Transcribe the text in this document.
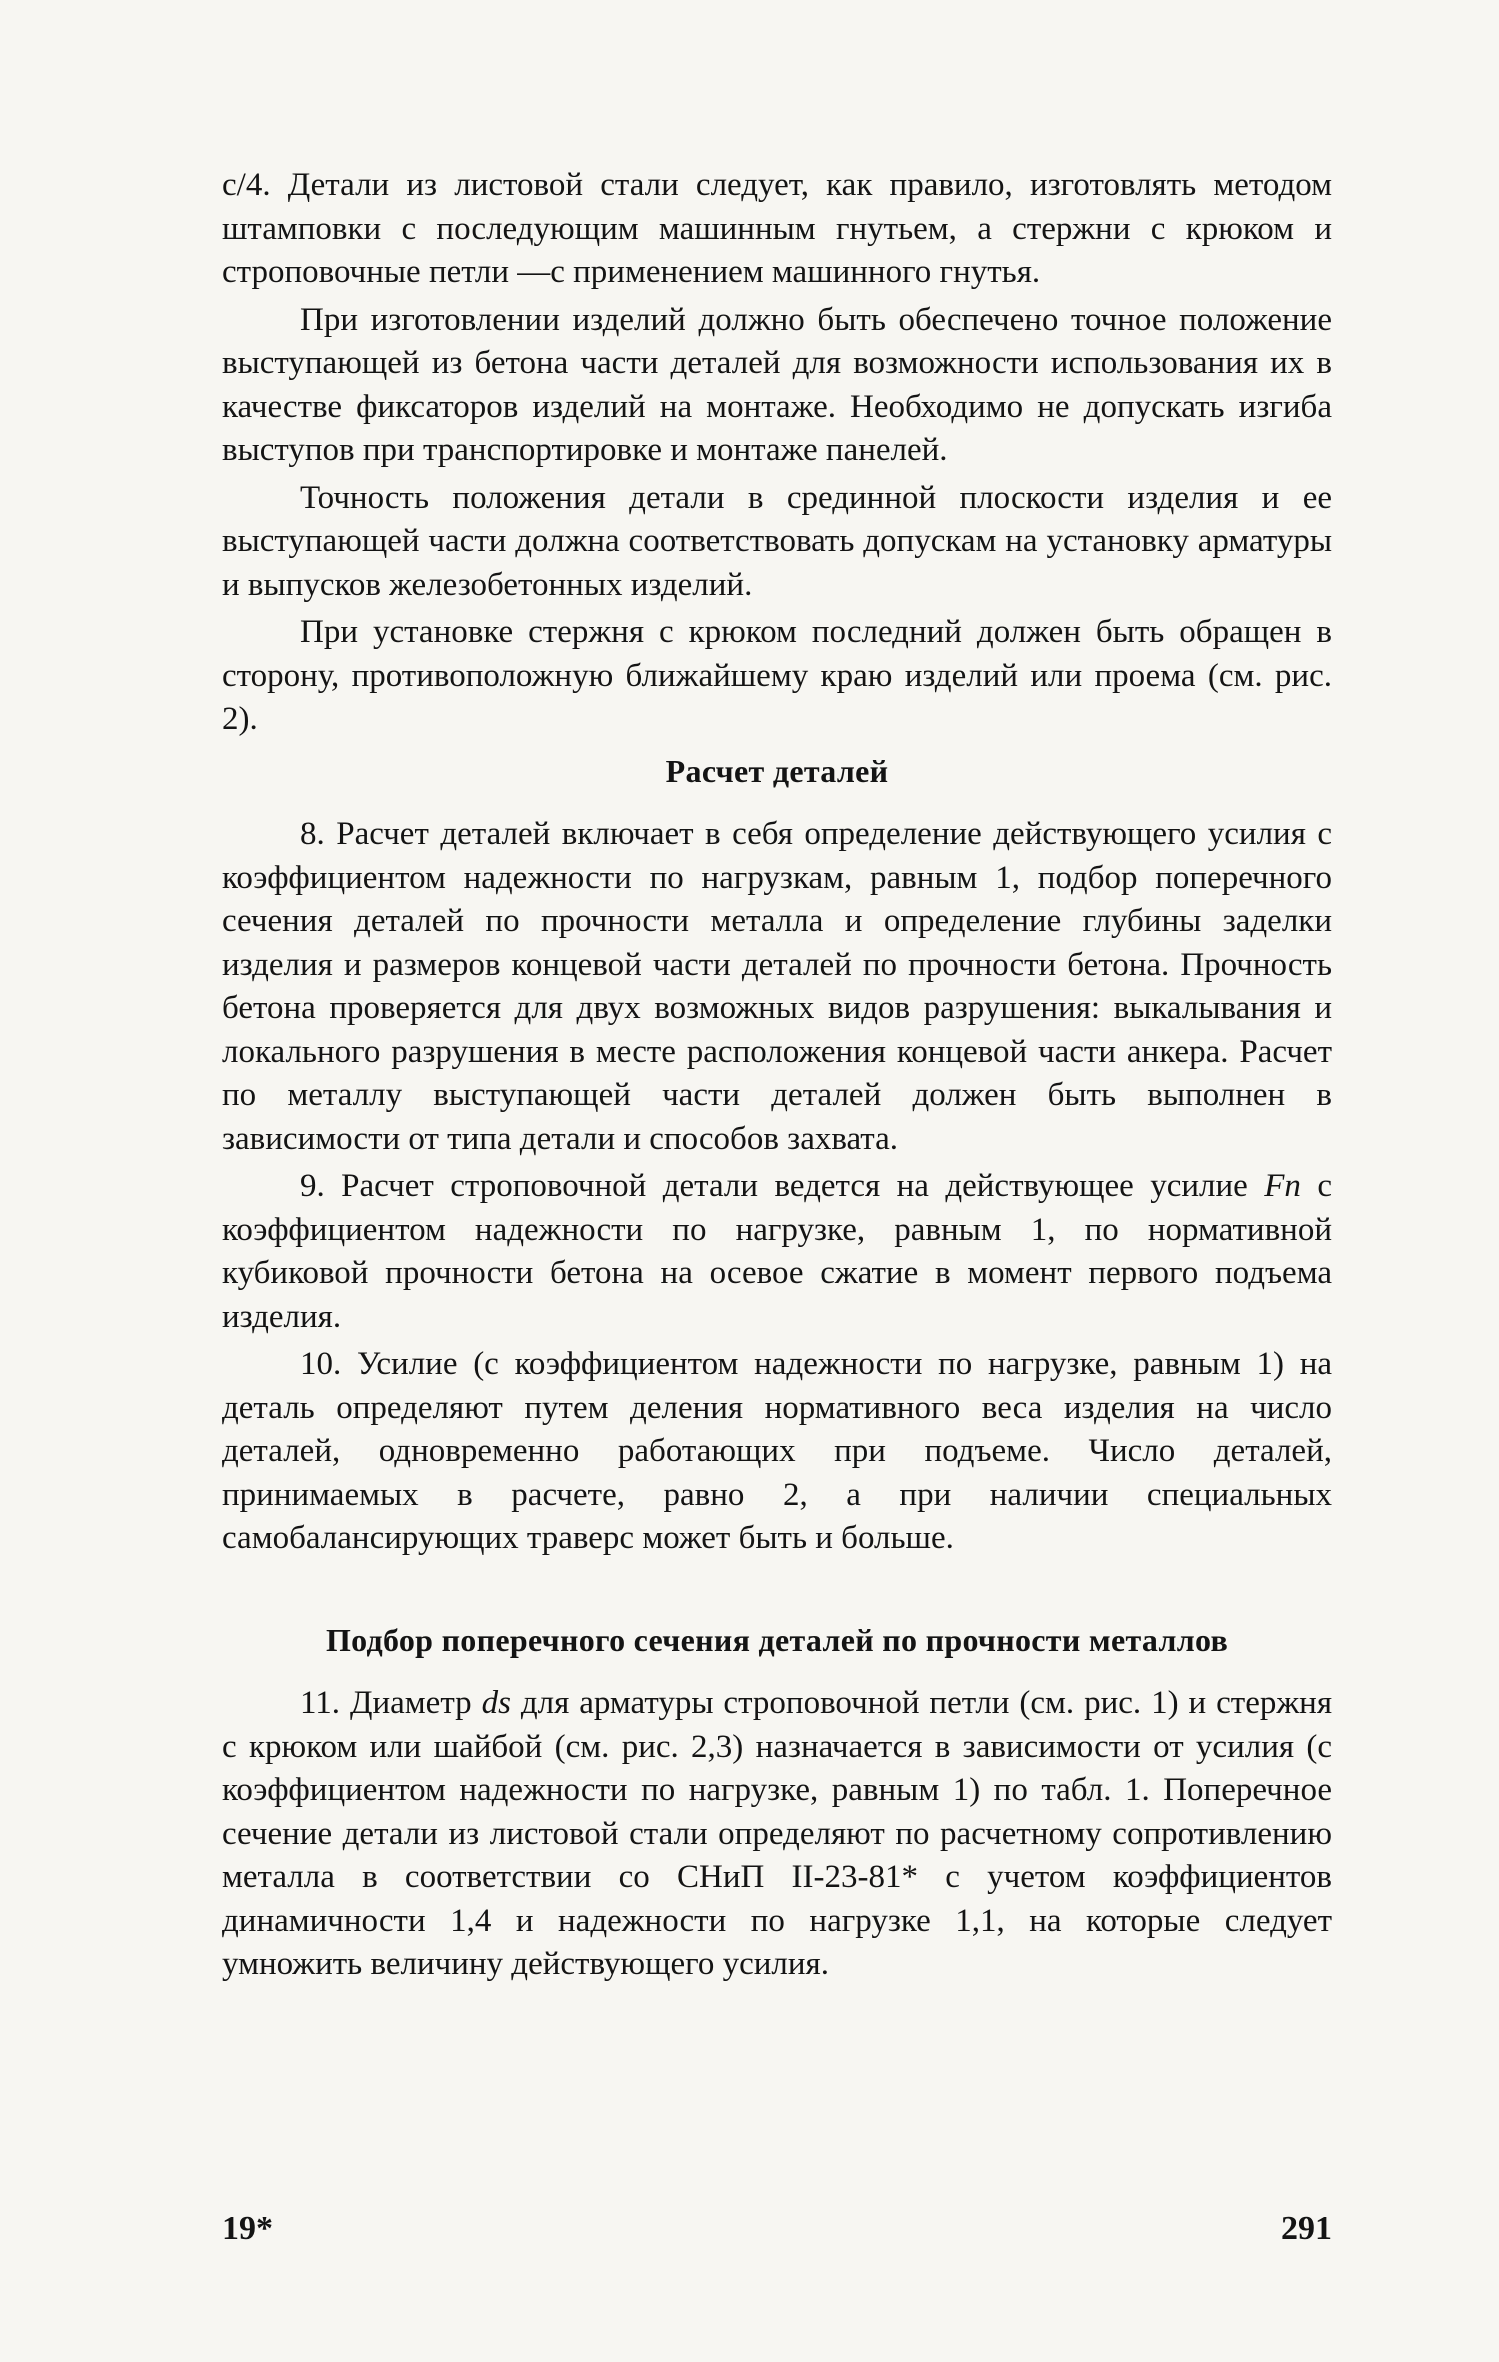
c/4. Детали из листовой стали следует, как правило, изготовлять методом штамповки с последующим машинным гнутьем, а стержни с крюком и строповочные петли —с применением машинного гнутья.

При изготовлении изделий должно быть обеспечено точное положение выступающей из бетона части деталей для возможности использования их в качестве фиксаторов изделий на монтаже. Необходимо не допускать изгиба выступов при транспортировке и монтаже панелей.

Точность положения детали в срединной плоскости изделия и ее выступающей части должна соответствовать допускам на установку арматуры и выпусков железобетонных изделий.

При установке стержня с крюком последний должен быть обращен в сторону, противоположную ближайшему краю изделий или проема (см. рис. 2).

Расчет деталей

8. Расчет деталей включает в себя определение действующего усилия с коэффициентом надежности по нагрузкам, равным 1, подбор поперечного сечения деталей по прочности металла и определение глубины заделки изделия и размеров концевой части деталей по прочности бетона. Прочность бетона проверяется для двух возможных видов разрушения: выкалывания и локального разрушения в месте расположения концевой части анкера. Расчет по металлу выступающей части деталей должен быть выполнен в зависимости от типа детали и способов захвата.

9. Расчет строповочной детали ведется на действующее усилие Fn с коэффициентом надежности по нагрузке, равным 1, по нормативной кубиковой прочности бетона на осевое сжатие в момент первого подъема изделия.

10. Усилие (с коэффициентом надежности по нагрузке, равным 1) на деталь определяют путем деления нормативного веса изделия на число деталей, одновременно работающих при подъеме. Число деталей, принимаемых в расчете, равно 2, а при наличии специальных самобалансирующих траверс может быть и больше.

Подбор поперечного сечения деталей по прочности металлов

11. Диаметр ds для арматуры строповочной петли (см. рис. 1) и стержня с крюком или шайбой (см. рис. 2,3) назначается в зависимости от усилия (с коэффициентом надежности по нагрузке, равным 1) по табл. 1. Поперечное сечение детали из листовой стали определяют по расчетному сопротивлению металла в соответствии со СНиП II-23-81* с учетом коэффициентов динамичности 1,4 и надежности по нагрузке 1,1, на которые следует умножить величину действующего усилия.

19*	291
